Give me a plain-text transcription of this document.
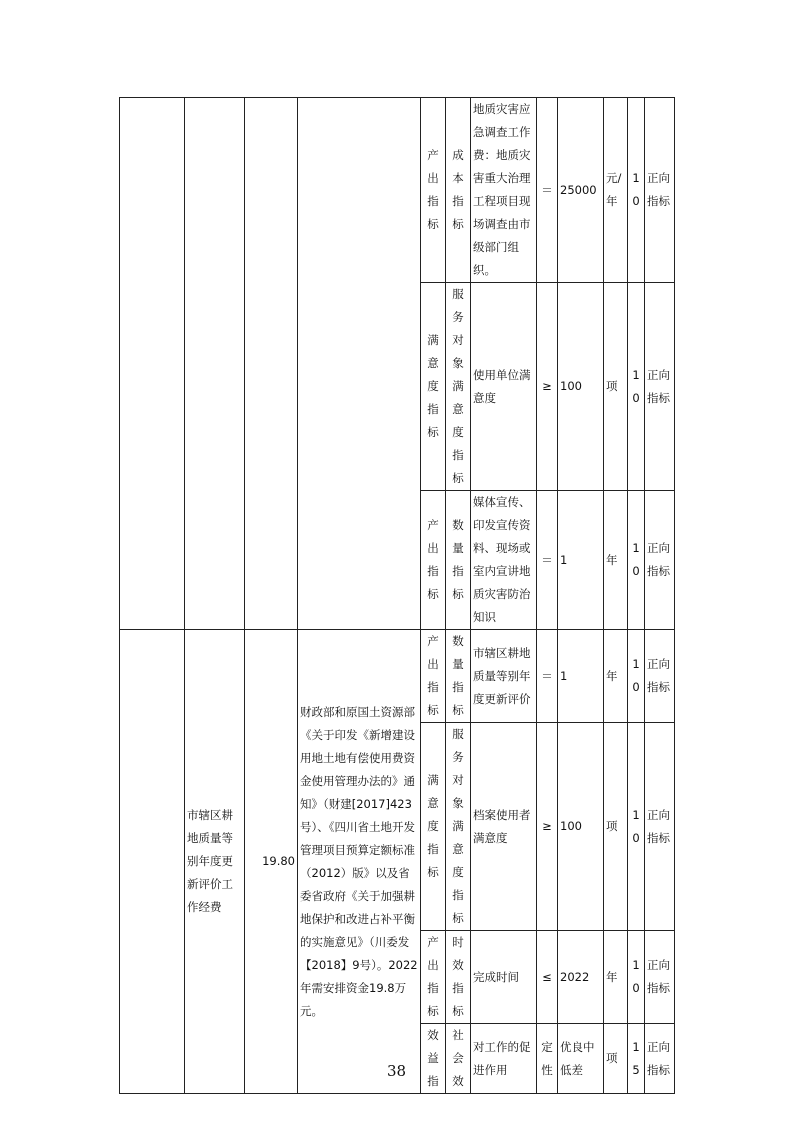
				产出指标	成本指标	地质灾害应急调查工作费：地质灾害重大治理工程项目现场调查由市级部门组织。	＝	25000	元/年	10	正向指标
				满意度指标	服务对象满意度指标	使用单位满意度	≥	100	项	10	正向指标
				产出指标	数量指标	媒体宣传、印发宣传资料、现场或室内宣讲地质灾害防治知识	＝	1	年	10	正向指标
	市辖区耕地质量等别年度更新评价工作经费	19.80	财政部和原国土资源部《关于印发《新增建设用地土地有偿使用费资金使用管理办法的》通知》（财建[2017]423号）、《四川省土地开发管理项目预算定额标准（2012）版》以及省委省政府《关于加强耕地保护和改进占补平衡的实施意见》（川委发【2018】9号）。2022年需安排资金19.8万元。	产出指标	数量指标	市辖区耕地质量等别年度更新评价	＝	1	年	10	正向指标
				满意度指标	服务对象满意度指标	档案使用者满意度	≥	100	项	10	正向指标
				产出指标	时效指标	完成时间	≤	2022	年	10	正向指标
				效益指	社会效	对工作的促进作用	定性	优良中低差	项	15	正向指标
38
